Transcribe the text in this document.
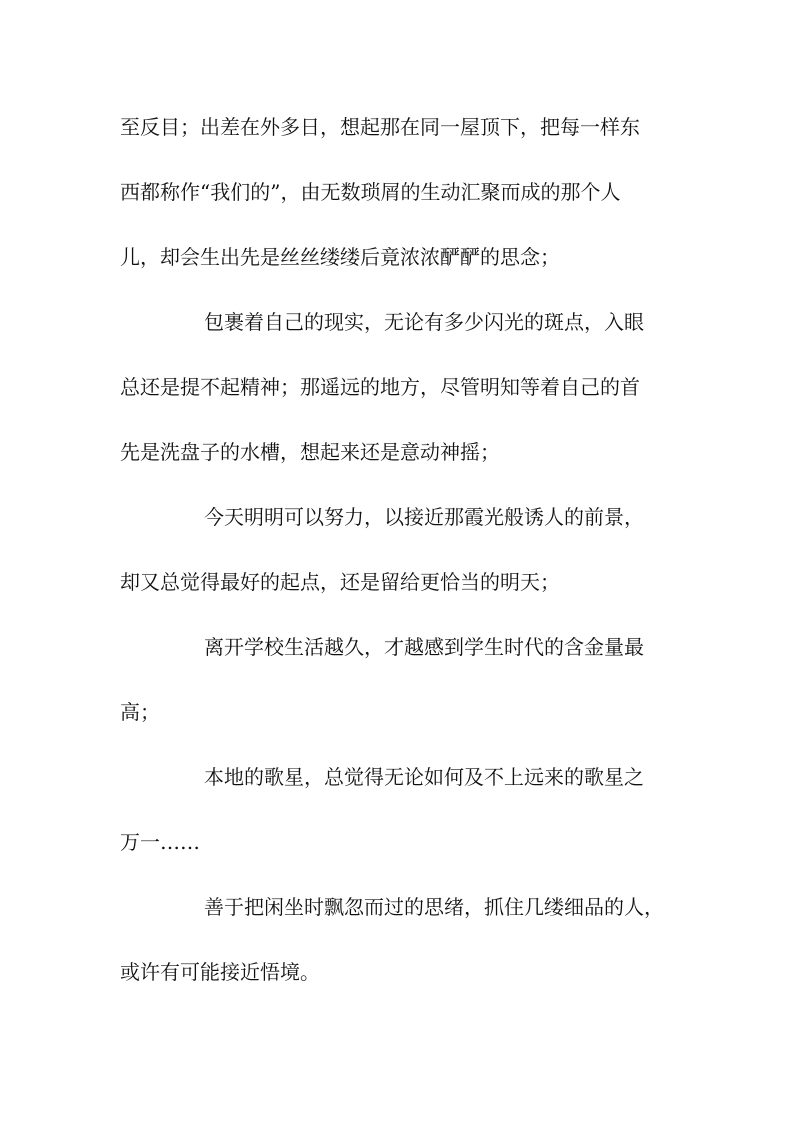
至反目；出差在外多日，想起那在同一屋顶下，把每一样东
西都称作“我们的”，由无数琐屑的生动汇聚而成的那个人
儿，却会生出先是丝丝缕缕后竟浓浓酽酽的思念；
包裹着自己的现实，无论有多少闪光的斑点，入眼
总还是提不起精神；那遥远的地方，尽管明知等着自己的首
先是洗盘子的水槽，想起来还是意动神摇；
今天明明可以努力，以接近那霞光般诱人的前景，
却又总觉得最好的起点，还是留给更恰当的明天；
离开学校生活越久，才越感到学生时代的含金量最
高；
本地的歌星，总觉得无论如何及不上远来的歌星之
万一……
善于把闲坐时飘忽而过的思绪，抓住几缕细品的人，
或许有可能接近悟境。
